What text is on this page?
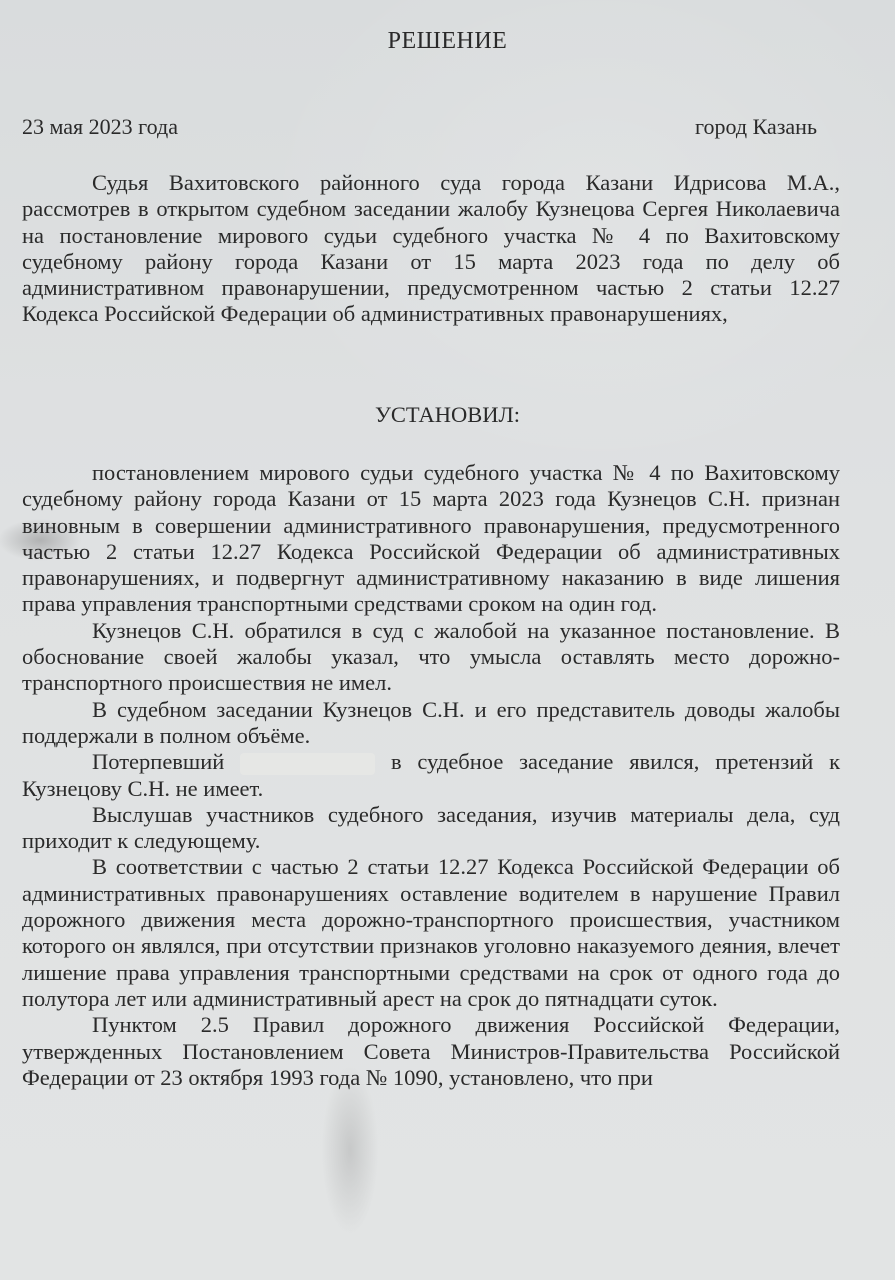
РЕШЕНИЕ
23 мая 2023 года	город Казань

Судья Вахитовского районного суда города Казани Идрисова М.А., рассмотрев в открытом судебном заседании жалобу Кузнецова Сергея Николаевича на постановление мирового судьи судебного участка № 4 по Вахитовскому судебному району города Казани от 15 марта 2023 года по делу об административном правонарушении, предусмотренном частью 2 статьи 12.27 Кодекса Российской Федерации об административных правонарушениях,

УСТАНОВИЛ:

постановлением мирового судьи судебного участка № 4 по Вахитовскому судебному району города Казани от 15 марта 2023 года Кузнецов С.Н. признан виновным в совершении административного правонарушения, предусмотренного частью 2 статьи 12.27 Кодекса Российской Федерации об административных правонарушениях, и подвергнут административному наказанию в виде лишения права управления транспортными средствами сроком на один год.

Кузнецов С.Н. обратился в суд с жалобой на указанное постановление. В обоснование своей жалобы указал, что умысла оставлять место дорожно-транспортного происшествия не имел.

В судебном заседании Кузнецов С.Н. и его представитель доводы жалобы поддержали в полном объёме.

Потерпевший	в судебное заседание явился, претензий к Кузнецову С.Н. не имеет.

Выслушав участников судебного заседания, изучив материалы дела, суд приходит к следующему.

В соответствии с частью 2 статьи 12.27 Кодекса Российской Федерации об административных правонарушениях оставление водителем в нарушение Правил дорожного движения места дорожно-транспортного происшествия, участником которого он являлся, при отсутствии признаков уголовно наказуемого деяния, влечет лишение права управления транспортными средствами на срок от одного года до полутора лет или административный арест на срок до пятнадцати суток.

Пунктом 2.5 Правил дорожного движения Российской Федерации, утвержденных Постановлением Совета Министров-Правительства Российской Федерации от 23 октября 1993 года № 1090, установлено, что при
